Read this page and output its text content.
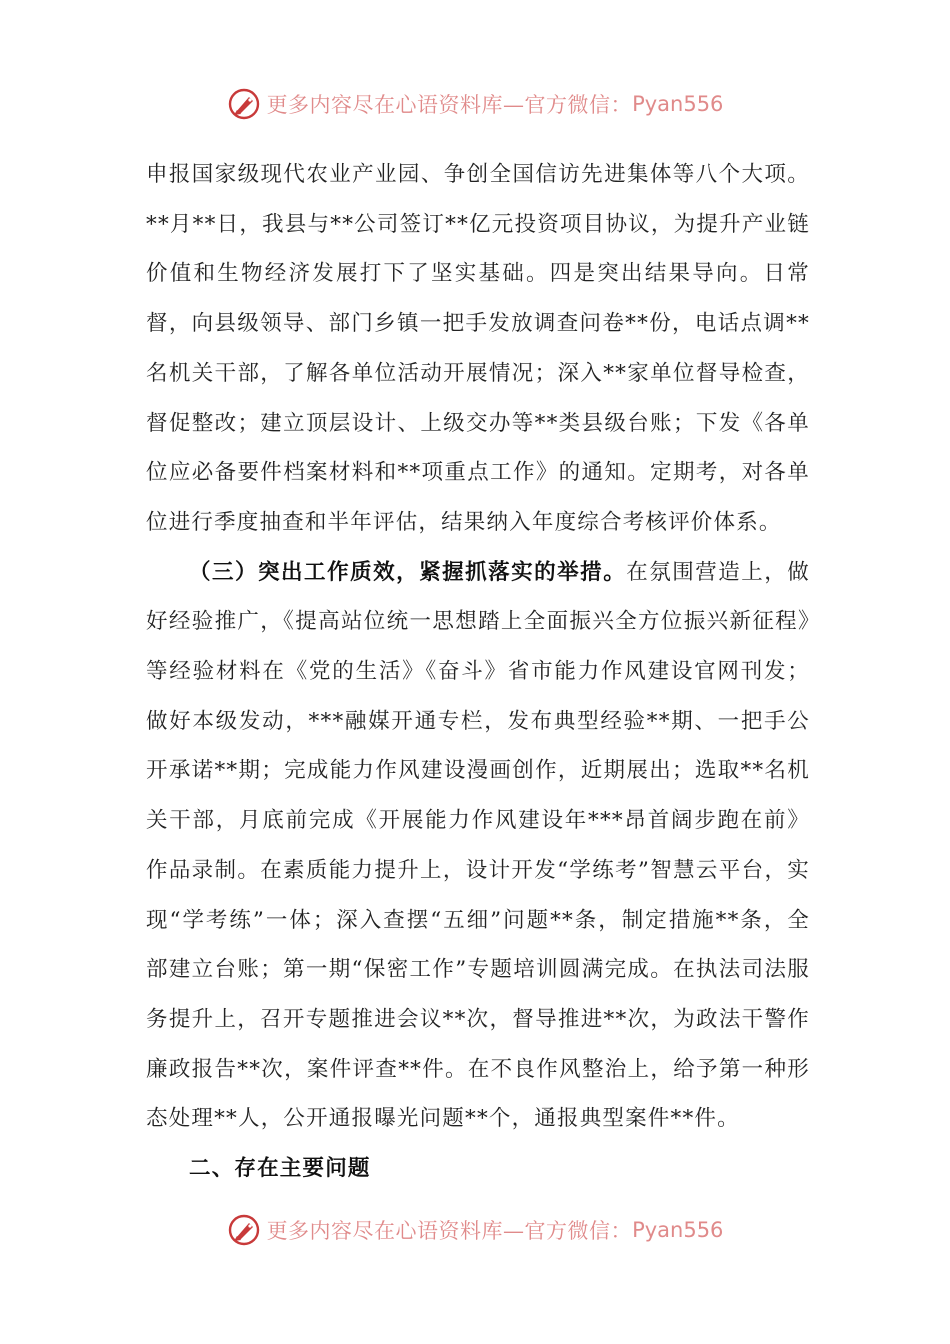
更多内容尽在心语资料库—官方微信： Pyan556

申报国家级现代农业产业园、争创全国信访先进集体等八个大项。**月**日，我县与**公司签订**亿元投资项目协议，为提升产业链价值和生物经济发展打下了坚实基础。四是突出结果导向。日常督，向县级领导、部门乡镇一把手发放调查问卷**份，电话点调**名机关干部，了解各单位活动开展情况；深入**家单位督导检查，督促整改；建立顶层设计、上级交办等**类县级台账；下发《各单位应必备要件档案材料和**项重点工作》的通知。定期考，对各单位进行季度抽查和半年评估，结果纳入年度综合考核评价体系。

（三）突出工作质效，紧握抓落实的举措。在氛围营造上，做好经验推广，《提高站位统一思想踏上全面振兴全方位振兴新征程》等经验材料在《党的生活》《奋斗》省市能力作风建设官网刊发；做好本级发动，***融媒开通专栏，发布典型经验**期、一把手公开承诺**期；完成能力作风建设漫画创作，近期展出；选取**名机关干部，月底前完成《开展能力作风建设年***昂首阔步跑在前》作品录制。在素质能力提升上，设计开发“学练考”智慧云平台，实现“学考练”一体；深入查摆“五细”问题**条，制定措施**条，全部建立台账；第一期“保密工作”专题培训圆满完成。在执法司法服务提升上，召开专题推进会议**次，督导推进**次，为政法干警作廉政报告**次，案件评查**件。在不良作风整治上，给予第一种形态处理**人，公开通报曝光问题**个，通报典型案件**件。

二、存在主要问题

更多内容尽在心语资料库—官方微信： Pyan556
